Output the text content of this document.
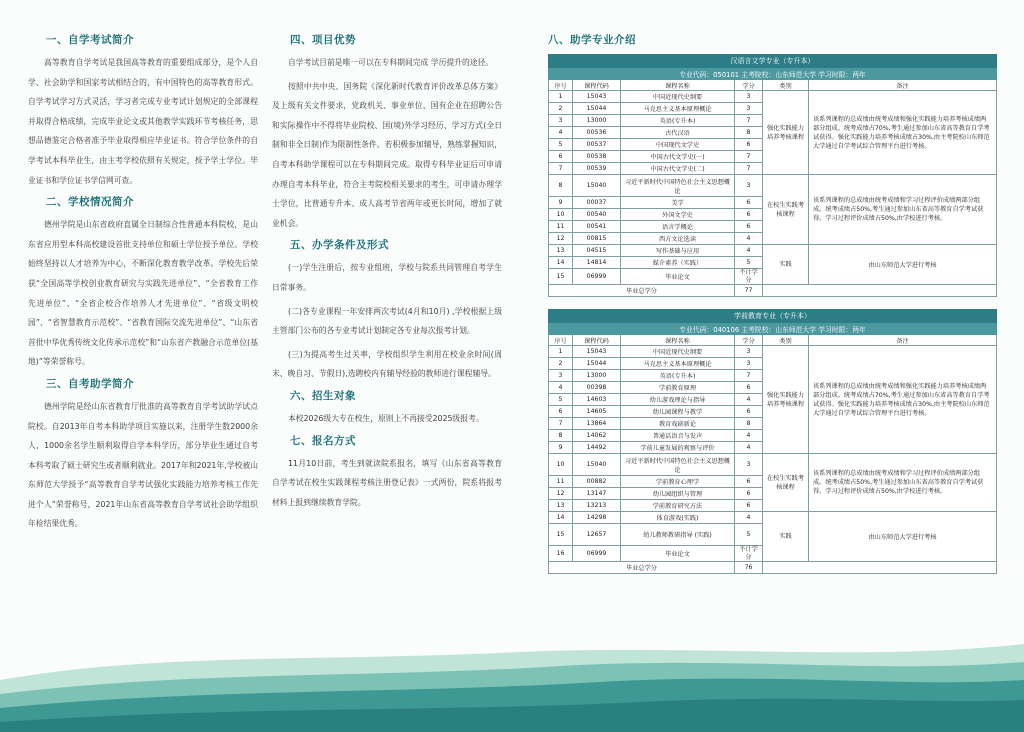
一、自学考试简介

高等教育自学考试是我国高等教育的重要组成部分，是个人自学、社会助学和国家考试相结合的，有中国特色的高等教育形式。自学考试学习方式灵活，学习者完成专业考试计划规定的全部课程并取得合格成绩，完成毕业论文或其他教学实践环节考核任务，思想品德鉴定合格者准予毕业取得相应毕业证书。符合学位条件的自学考试本科毕业生，由主考学校依照有关规定，授予学士学位。毕业证书和学位证书学信网可查。

二、学校情况简介

德州学院是山东省政府直属全日制综合性普通本科院校，是山东省应用型本科高校建设首批支持单位和硕士学位授予单位。学校始终坚持以人才培养为中心，不断深化教育教学改革。学校先后荣获“全国高等学校创业教育研究与实践先进单位”、“全省教育工作先进单位”、“全省企校合作培养人才先进单位”、“省级文明校园”、“省智慧教育示范校”、“省教育国际交流先进单位”、“山东省首批中华优秀传统文化传承示范校”和“山东省产教融合示范单位(基 地)”等荣誉称号。

三、自考助学简介

德州学院是经山东省教育厅批准的高等教育自学考试助学试点院校。自2013年自考本科助学项目实施以来，注册学生数2000余人，1000余名学生顺利取得自学本科学历，部分毕业生通过自考本科考取了硕士研究生或者顺利就业。2017年和2021年,学校被山东师范大学授予“高等教育自学考试强化实践能力培养考核工作先进个人”荣誉称号，2021年山东省高等教育自学考试社会助学组织年检结果优秀。

四、项目优势

自学考试目前是唯一可以在专科期间完成 学历提升的途径。

按照中共中央、国务院《深化新时代教育评价改革总体方案》及上级有关文件要求，党政机关、事业单位、国有企业在招聘公告和实际操作中不得将毕业院校、国(境)外学习经历、学习方式(全日制和非全日制)作为限制性条件。若积极参加辅导，熟练掌握知识，自考本科助学课程可以在专科期间完成。取得专科毕业证后可申请办理自考本科毕业，符合主考院校相关要求的考生，可申请办理学士学位，比普通专升本、成人高考节省两年或更长时间，增加了就业机会。

五、办学条件及形式

(一)学生注册后，按专业组班，学校与院系共同管理自考学生日常事务。

(二)各专业课程一年安排两次考试(4月和10月) ,学校根据上级主管部门公布的各专业考试计划制定各专业每次报考计划。

(三)为提高考生过关率，学校组织学生利用在校业余时间(周末、晚自习、节假日),选聘校内有辅导经验的教师进行课程辅导。

六、招生对象

本校2026级大专在校生，原则上不再接受2025级报考。

七、报名方式

11月10日前，考生到就读院系报名，填写《山东省高等教育自学考试在校生实践课程考核注册登记表》一式两份，院系将报考材料上报到继续教育学院。

八、助学专业介绍
汉语言文学专业（专升本）					
专业代码：050101 主考院校：山东师范大学 学习时限：两年					
序号	课程代码	课程名称	学分	类别	备注
1	15043	中国近现代史纲要	3	强化实践能力培养考核课程	该系列课程的总成绩由统考成绩和强化实践能力培养考核成绩两部分组成。统考成绩占70%,考生通过参加山东省高等教育自学考试获得。强化实践能力培养考核成绩占30%,由主考院校山东师范大学通过自学考试综合管理平台进行考核。
2	15044	马克思主义基本原理概论	3		
3	13000	英语(专升本)	7		
4	00536	古代汉语	8		
5	00537	中国现代文学史	6		
6	00538	中国古代文学史(一)	7		
7	00539	中国古代文学史(二)	7		
8	15040	习近平新时代中国特色社会主义思想概论	3	在校生实践考核课程	该系列课程的总成绩由统考成绩和学习过程评价成绩两部分组成。统考成绩占50%,考生通过参加山东省高等教育自学考试获得。学习过程评价成绩占50%,由学校进行考核。
9	00037	美学	6		
10	00540	外国文学史	6		
11	00541	语言学概论	6		
12	00815	西方文论选读	4		
13	04515	写作基础与应用	4	实践	由山东师范大学进行考核
14	14814	媒介素养（实践）	5		
15	06999	毕业论文	不计学分		
毕业总学分			77		
学前教育专业（专升本）					
专业代码：040106 主考院校：山东师范大学 学习时限：两年					
序号	课程代码	课程名称	学分	类别	备注
1	15043	中国近现代史纲要	3	强化实践能力培养考核课程	该系列课程的总成绩由统考成绩和强化实践能力培养考核成绩两部分组成。统考成绩占70%,考生通过参加山东省高等教育自学考试获得。强化实践能力培养考核成绩占30%,由主考院校山东师范大学通过自学考试综合管理平台进行考核。
2	15044	马克思主义基本原理概论	3		
3	13000	英语(专升本)	7		
4	00398	学前教育原理	6		
5	14603	幼儿游戏理论与指导	4		
6	14605	幼儿园课程与教学	6		
7	13864	教育戏剧新论	8		
8	14062	普通话语音与发声	4		
9	14492	学前儿童发展的观察与评价	4		
10	15040	习近平新时代中国特色社会主义思想概论	3	在校生实践考核课程	该系列课程的总成绩由统考成绩和学习过程评价成绩两部分组成。统考成绩占50%,考生通过参加山东省高等教育自学考试获得。学习过程评价成绩占50%,由学校进行考核。
11	00882	学前教育心理学	6		
12	13147	幼儿园组织与管理	6		
13	13213	学前教育研究方法	6		
14	14298	体育游戏(实践)	4	实践	由山东师范大学进行考核
15	12657	幼儿教师教研指导 (实践)	5		
16	06999	毕业论文	不计学分		
毕业总学分			76		
